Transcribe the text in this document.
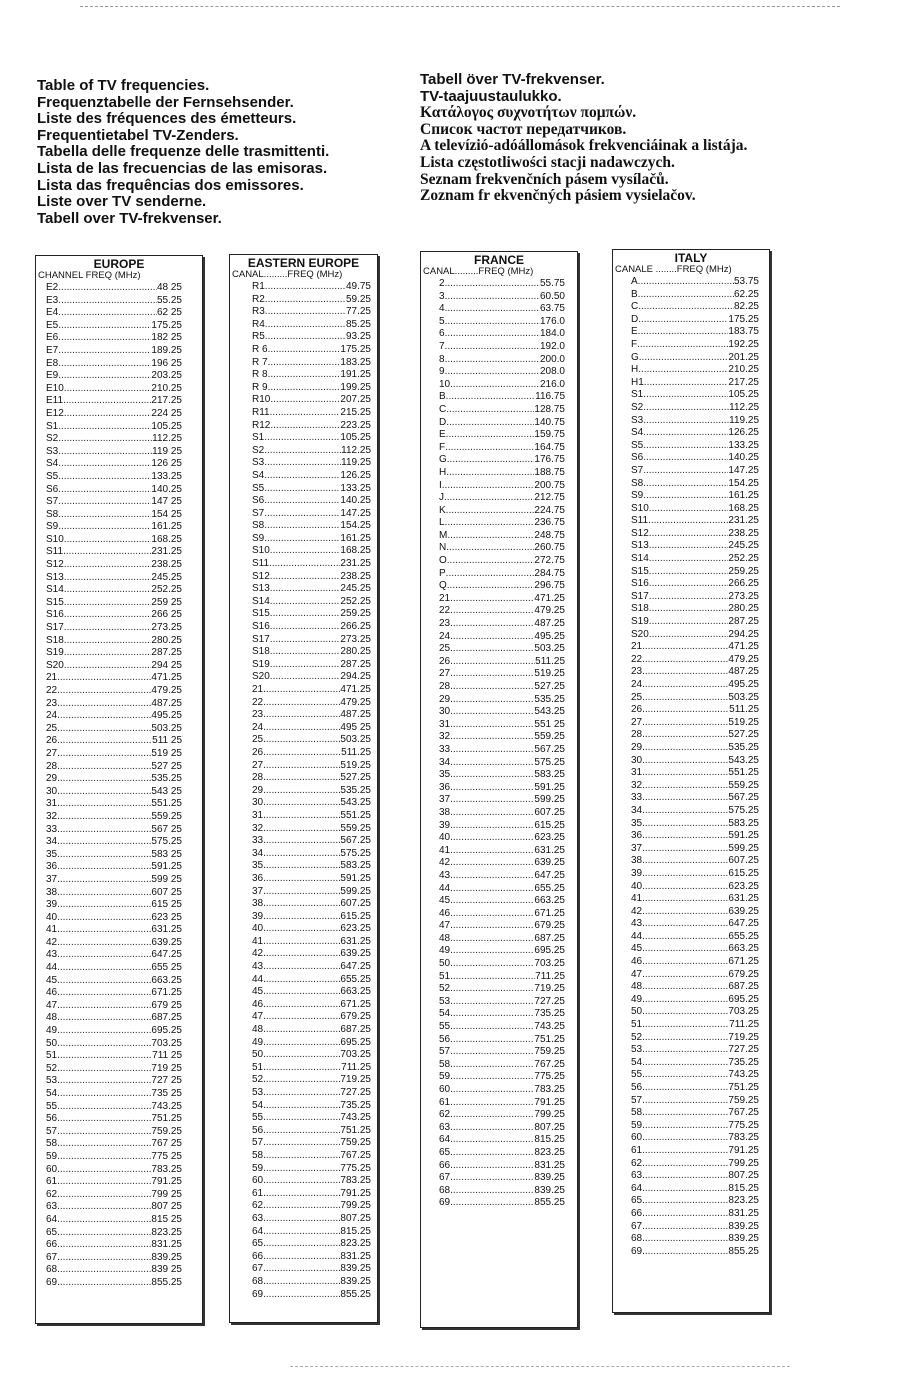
Table of TV frequencies.
Frequenztabelle der Fernsehsender.
Liste des fréquences des émetteurs.
Frequentietabel TV-Zenders.
Tabella delle frequenze delle trasmittenti.
Lista de las frecuencias de las emisoras.
Lista das frequências dos emissores.
Liste over TV senderne.
Tabell over TV-frekvenser.
Tabell över TV-frekvenser.
TV-taajuustaulukko.
Κατάλογος συχνοτήτων πομπών.
Список частот передатчиков.
A televízió-adóállomások frekvenciáinak a listája.
Lista częstotliwości stacji nadawczych.
Seznam frekvenčních pásem vysílačů.
Zoznam fr ekvenčných pásiem vysielačov.
EUROPE
CHANNEL FREQ (MHz)
E2 .....	48 25
E3 .....	55.25
E4 .....	62 25
E5 .....	175.25
E6 .....	182 25
E7 .....	189.25
E8 .....	196 25
E9 .....	203.25
E10 .....	210.25
E11 .....	217.25
E12 .....	224 25
S1 .....	105.25
S2 .....	112.25
S3 .....	119 25
S4 .....	126 25
S5 .....	133.25
S6 .....	140.25
S7 .....	147 25
S8 .....	154 25
S9 .....	161.25
S10 .....	168.25
S11 .....	231.25
S12 .....	238.25
S13 .....	245.25
S14 .....	252.25
S15 .....	259 25
S16 .....	266 25
S17 .....	273.25
S18 .....	280.25
S19 .....	287.25
S20 .....	294 25
21 .....	471.25
22 .....	479.25
23 .....	487.25
24 .....	495.25
25 .....	503.25
26 .....	511 25
27 .....	519 25
28 .....	527 25
29 .....	535.25
30 .....	543 25
31 .....	551.25
32 .....	559.25
33 .....	567 25
34 .....	575.25
35 .....	583 25
36 .....	591.25
37 .....	599 25
38 .....	607 25
39 .....	615 25
40 .....	623 25
41 .....	631.25
42 .....	639.25
43 .....	647.25
44 .....	655 25
45 .....	663.25
46 .....	671.25
47 .....	679 25
48 .....	687.25
49 .....	695.25
50 .....	703.25
51 .....	711 25
52 .....	719 25
53 .....	727 25
54 .....	735 25
55 .....	743.25
56 .....	751.25
57 .....	759.25
58 .....	767 25
59 .....	775 25
60 .....	783.25
61 .....	791.25
62 .....	799 25
63 .....	807 25
64 .....	815 25
65 .....	823.25
66 .....	831.25
67 .....	839.25
68 .....	839 25
69 .....	855.25
EASTERN EUROPE
CANAL.........FREQ (MHz)
R1 .....	49.75
R2 .....	59.25
R3 .....	77.25
R4 .....	85.25
R5 .....	93.25
R 6 .....	175.25
R 7 .....	183.25
R 8 .....	191.25
R 9 .....	199.25
R10 .....	207.25
R11 .....	215.25
R12 .....	223.25
S1 .....	105.25
S2 .....	112.25
S3 .....	119.25
S4 .....	126.25
S5 .....	133.25
S6 .....	140.25
S7 .....	147.25
S8 .....	154.25
S9 .....	161.25
S10 .....	168.25
S11 .....	231.25
S12 .....	238.25
S13 .....	245.25
S14 .....	252.25
S15 .....	259.25
S16 .....	266.25
S17 .....	273.25
S18 .....	280.25
S19 .....	287.25
S20 .....	294.25
21 .....	471.25
22 .....	479.25
23 .....	487.25
24 .....	495 25
25 .....	503.25
26 .....	511.25
27 .....	519.25
28 .....	527.25
29 .....	535.25
30 .....	543.25
31 .....	551.25
32 .....	559.25
33 .....	567.25
34 .....	575.25
35 .....	583.25
36 .....	591.25
37 .....	599.25
38 .....	607.25
39 .....	615.25
40 .....	623.25
41 .....	631.25
42 .....	639.25
43 .....	647.25
44 .....	655.25
45 .....	663.25
46 .....	671.25
47 .....	679.25
48 .....	687.25
49 .....	695.25
50 .....	703.25
51 .....	711.25
52 .....	719.25
53 .....	727.25
54 .....	735.25
55 .....	743.25
56 .....	751.25
57 .....	759.25
58 .....	767.25
59 .....	775.25
60 .....	783.25
61 .....	791.25
62 .....	799.25
63 .....	807.25
64 .....	815.25
65 .....	823.25
66 .....	831.25
67 .....	839.25
68 .....	839.25
69 .....	855.25
FRANCE
CANAL.........FREQ (MHz)
2 .....	55.75
3 .....	60.50
4 .....	63.75
5 .....	176.0
6 .....	184.0
7 .....	192.0
8 .....	200.0
9 .....	208.0
10 .....	216.0
B .....	116.75
C .....	128.75
D .....	140.75
E .....	159.75
F .....	164.75
G .....	176.75
H .....	188.75
I .....	200.75
J .....	212.75
K .....	224.75
L .....	236.75
M .....	248.75
N .....	260.75
O .....	272.75
P .....	284.75
Q .....	296.75
21 .....	471.25
22 .....	479.25
23 .....	487.25
24 .....	495.25
25 .....	503.25
26 .....	511.25
27 .....	519.25
28 .....	527.25
29 .....	535.25
30 .....	543.25
31 .....	551 25
32 .....	559.25
33 .....	567.25
34 .....	575.25
35 .....	583.25
36 .....	591.25
37 .....	599.25
38 .....	607.25
39 .....	615.25
40 .....	623.25
41 .....	631.25
42 .....	639.25
43 .....	647.25
44 .....	655.25
45 .....	663.25
46 .....	671.25
47 .....	679.25
48 .....	687.25
49 .....	695.25
50 .....	703.25
51 .....	711.25
52 .....	719.25
53 .....	727.25
54 .....	735.25
55 .....	743.25
56 .....	751.25
57 .....	759.25
58 .....	767.25
59 .....	775.25
60 .....	783.25
61 .....	791.25
62 .....	799.25
63 .....	807.25
64 .....	815.25
65 .....	823.25
66 .....	831.25
67 .....	839.25
68 .....	839.25
69 .....	855.25
ITALY
CANALE ........FREQ (MHz)
A .....	53.75
B .....	62.25
C .....	82.25
D .....	175.25
E .....	183.75
F .....	192.25
G .....	201.25
H .....	210.25
H1 .....	217.25
S1 .....	105.25
S2 .....	112.25
S3 .....	119.25
S4 .....	126.25
S5 .....	133.25
S6 .....	140.25
S7 .....	147.25
S8 .....	154.25
S9 .....	161.25
S10 .....	168.25
S11 .....	231.25
S12 .....	238.25
S13 .....	245.25
S14 .....	252.25
S15 .....	259.25
S16 .....	266.25
S17 .....	273.25
S18 .....	280.25
S19 .....	287.25
S20 .....	294.25
21 .....	471.25
22 .....	479.25
23 .....	487.25
24 .....	495.25
25 .....	503.25
26 .....	511.25
27 .....	519.25
28 .....	527.25
29 .....	535.25
30 .....	543.25
31 .....	551.25
32 .....	559.25
33 .....	567.25
34 .....	575.25
35 .....	583.25
36 .....	591.25
37 .....	599.25
38 .....	607.25
39 .....	615.25
40 .....	623.25
41 .....	631.25
42 .....	639.25
43 .....	647.25
44 .....	655.25
45 .....	663.25
46 .....	671.25
47 .....	679.25
48 .....	687.25
49 .....	695.25
50 .....	703.25
51 .....	711.25
52 .....	719.25
53 .....	727.25
54 .....	735.25
55 .....	743.25
56 .....	751.25
57 .....	759.25
58 .....	767.25
59 .....	775.25
60 .....	783.25
61 .....	791.25
62 .....	799.25
63 .....	807.25
64 .....	815.25
65 .....	823.25
66 .....	831.25
67 .....	839.25
68 .....	839.25
69 .....	855.25
